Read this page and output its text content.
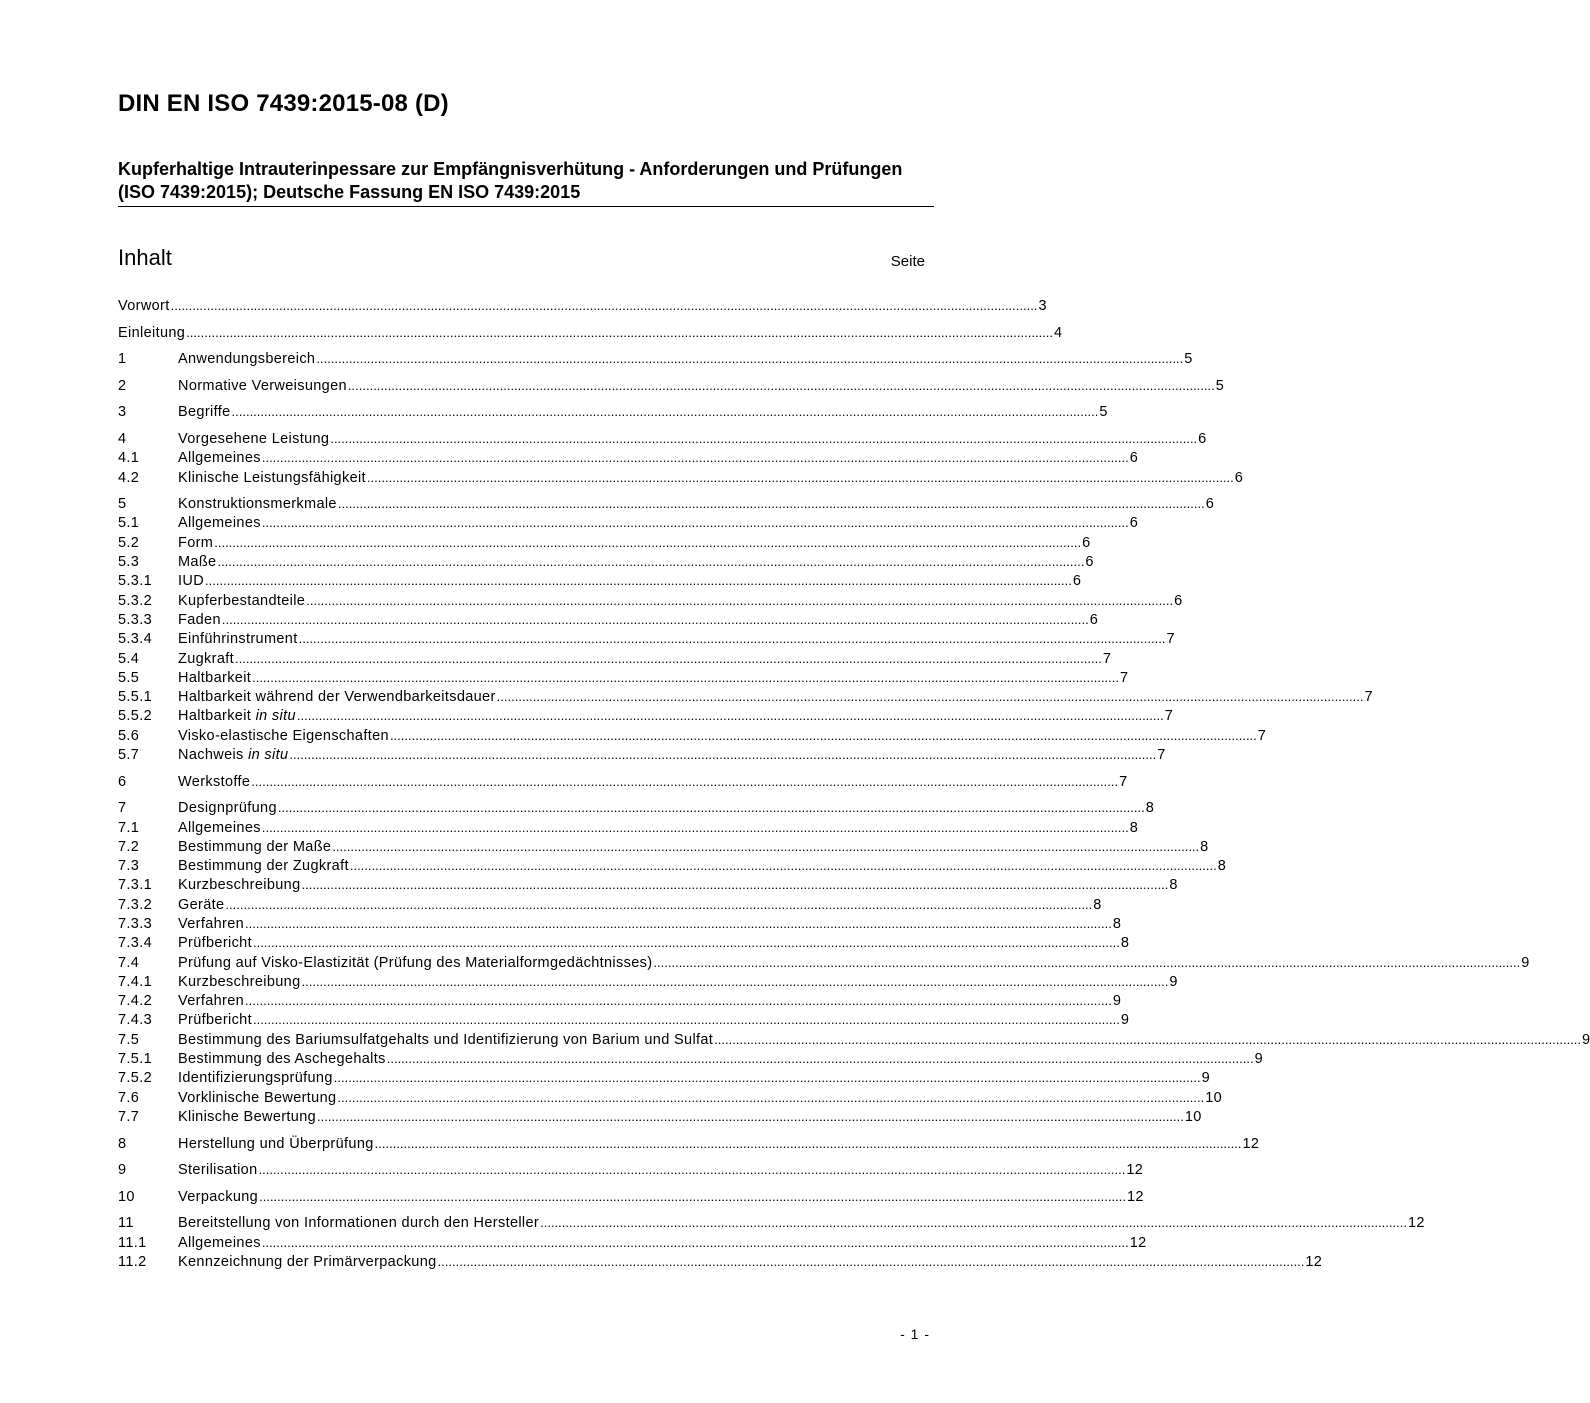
DIN EN ISO 7439:2015-08 (D)
Kupferhaltige Intrauterinpessare zur Empfängnisverhütung - Anforderungen und Prüfungen (ISO 7439:2015); Deutsche Fassung EN ISO 7439:2015
Inhalt	Seite
Vorwort .....	3
Einleitung .....	4
1	Anwendungsbereich .....	5
2	Normative Verweisungen .....	5
3	Begriffe .....	5
4	Vorgesehene Leistung .....	6
4.1	Allgemeines .....	6
4.2	Klinische Leistungsfähigkeit .....	6
5	Konstruktionsmerkmale .....	6
5.1	Allgemeines .....	6
5.2	Form .....	6
5.3	Maße .....	6
5.3.1	IUD .....	6
5.3.2	Kupferbestandteile .....	6
5.3.3	Faden .....	6
5.3.4	Einführinstrument .....	7
5.4	Zugkraft .....	7
5.5	Haltbarkeit .....	7
5.5.1	Haltbarkeit während der Verwendbarkeitsdauer .....	7
5.5.2	Haltbarkeit in situ .....	7
5.6	Visko-elastische Eigenschaften .....	7
5.7	Nachweis in situ .....	7
6	Werkstoffe .....	7
7	Designprüfung .....	8
7.1	Allgemeines .....	8
7.2	Bestimmung der Maße .....	8
7.3	Bestimmung der Zugkraft .....	8
7.3.1	Kurzbeschreibung .....	8
7.3.2	Geräte .....	8
7.3.3	Verfahren .....	8
7.3.4	Prüfbericht .....	8
7.4	Prüfung auf Visko-Elastizität (Prüfung des Materialformgedächtnisses) .....	9
7.4.1	Kurzbeschreibung .....	9
7.4.2	Verfahren .....	9
7.4.3	Prüfbericht .....	9
7.5	Bestimmung des Bariumsulfatgehalts und Identifizierung von Barium und Sulfat .....	9
7.5.1	Bestimmung des Aschegehalts .....	9
7.5.2	Identifizierungsprüfung .....	9
7.6	Vorklinische Bewertung .....	10
7.7	Klinische Bewertung .....	10
8	Herstellung und Überprüfung .....	12
9	Sterilisation .....	12
10	Verpackung .....	12
11	Bereitstellung von Informationen durch den Hersteller .....	12
11.1	Allgemeines .....	12
11.2	Kennzeichnung der Primärverpackung .....	12
- 1 -
